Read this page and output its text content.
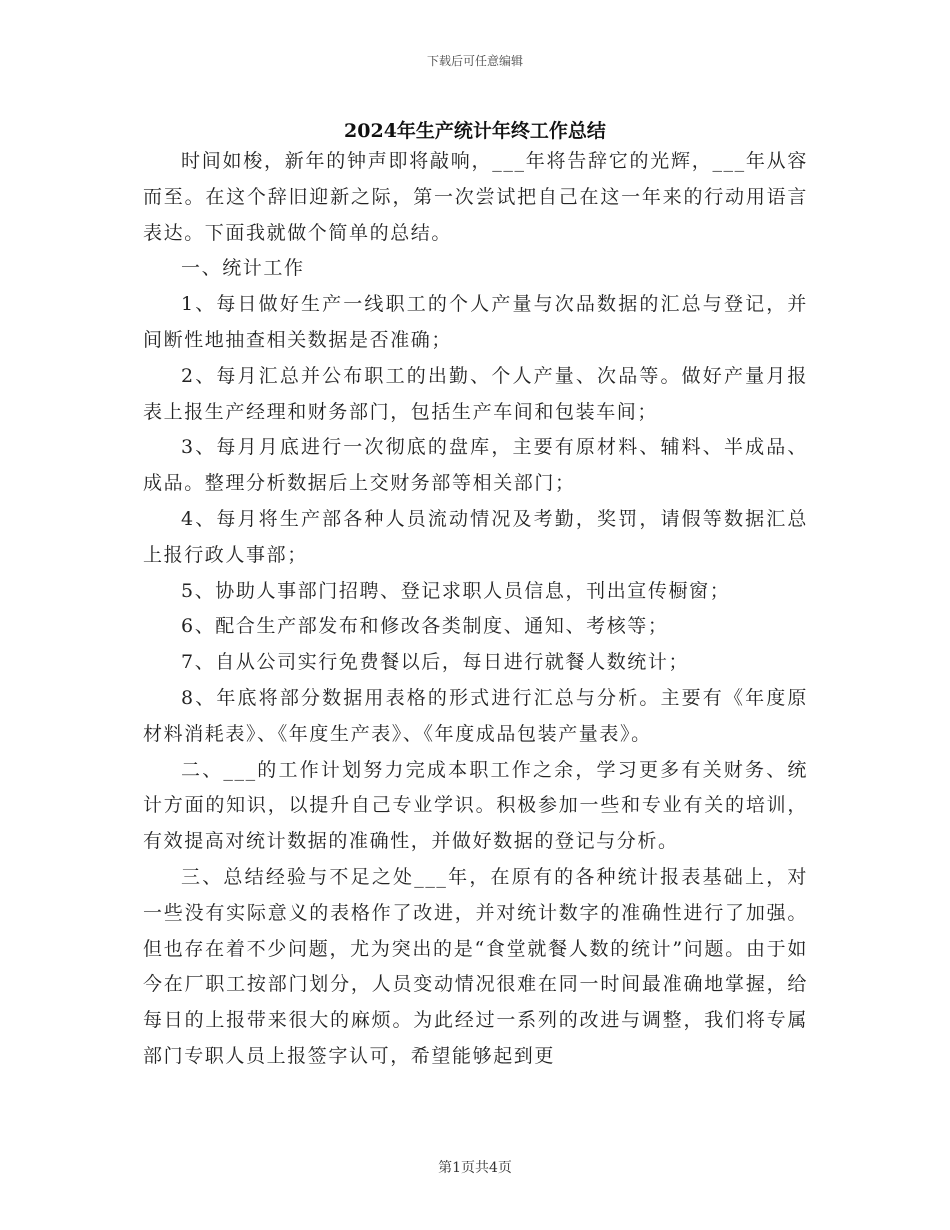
下载后可任意编辑
2024年生产统计年终工作总结

时间如梭，新年的钟声即将敲响，___年将告辞它的光辉，___年从容而至。在这个辞旧迎新之际，第一次尝试把自己在这一年来的行动用语言表达。下面我就做个简单的总结。

一、统计工作

1、每日做好生产一线职工的个人产量与次品数据的汇总与登记，并间断性地抽查相关数据是否准确；

2、每月汇总并公布职工的出勤、个人产量、次品等。做好产量月报表上报生产经理和财务部门，包括生产车间和包装车间；

3、每月月底进行一次彻底的盘库，主要有原材料、辅料、半成品、成品。整理分析数据后上交财务部等相关部门；

4、每月将生产部各种人员流动情况及考勤，奖罚，请假等数据汇总上报行政人事部；

5、协助人事部门招聘、登记求职人员信息，刊出宣传橱窗；

6、配合生产部发布和修改各类制度、通知、考核等；

7、自从公司实行免费餐以后，每日进行就餐人数统计；

8、年底将部分数据用表格的形式进行汇总与分析。主要有《年度原材料消耗表》、《年度生产表》、《年度成品包装产量表》。

二、___的工作计划努力完成本职工作之余，学习更多有关财务、统计方面的知识，以提升自己专业学识。积极参加一些和专业有关的培训，有效提高对统计数据的准确性，并做好数据的登记与分析。

三、总结经验与不足之处___年，在原有的各种统计报表基础上，对一些没有实际意义的表格作了改进，并对统计数字的准确性进行了加强。但也存在着不少问题，尤为突出的是“食堂就餐人数的统计”问题。由于如今在厂职工按部门划分，人员变动情况很难在同一时间最准确地掌握，给每日的上报带来很大的麻烦。为此经过一系列的改进与调整，我们将专属部门专职人员上报签字认可，希望能够起到更

第1页共4页
